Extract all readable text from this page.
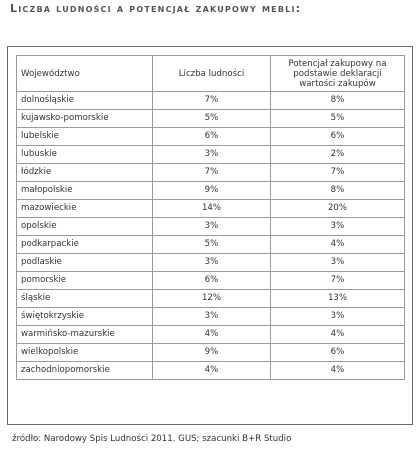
Liczba ludności a potencjał zakupowy mebli:
Województwo	Liczba ludności	Potencjał zakupowy na podstawie deklaracji wartości zakupów
dolnośląskie	7%	8%
kujawsko-pomorskie	5%	5%
lubelskie	6%	6%
lubuskie	3%	2%
łódzkie	7%	7%
małopolskie	9%	8%
mazowieckie	14%	20%
opolskie	3%	3%
podkarpackie	5%	4%
podlaskie	3%	3%
pomorskie	6%	7%
śląskie	12%	13%
świętokrzyskie	3%	3%
warmińsko-mazurskie	4%	4%
wielkopolskie	9%	6%
zachodniopomorskie	4%	4%
źródło: Narodowy Spis Ludności 2011. GUS; szacunki B+R Studio
